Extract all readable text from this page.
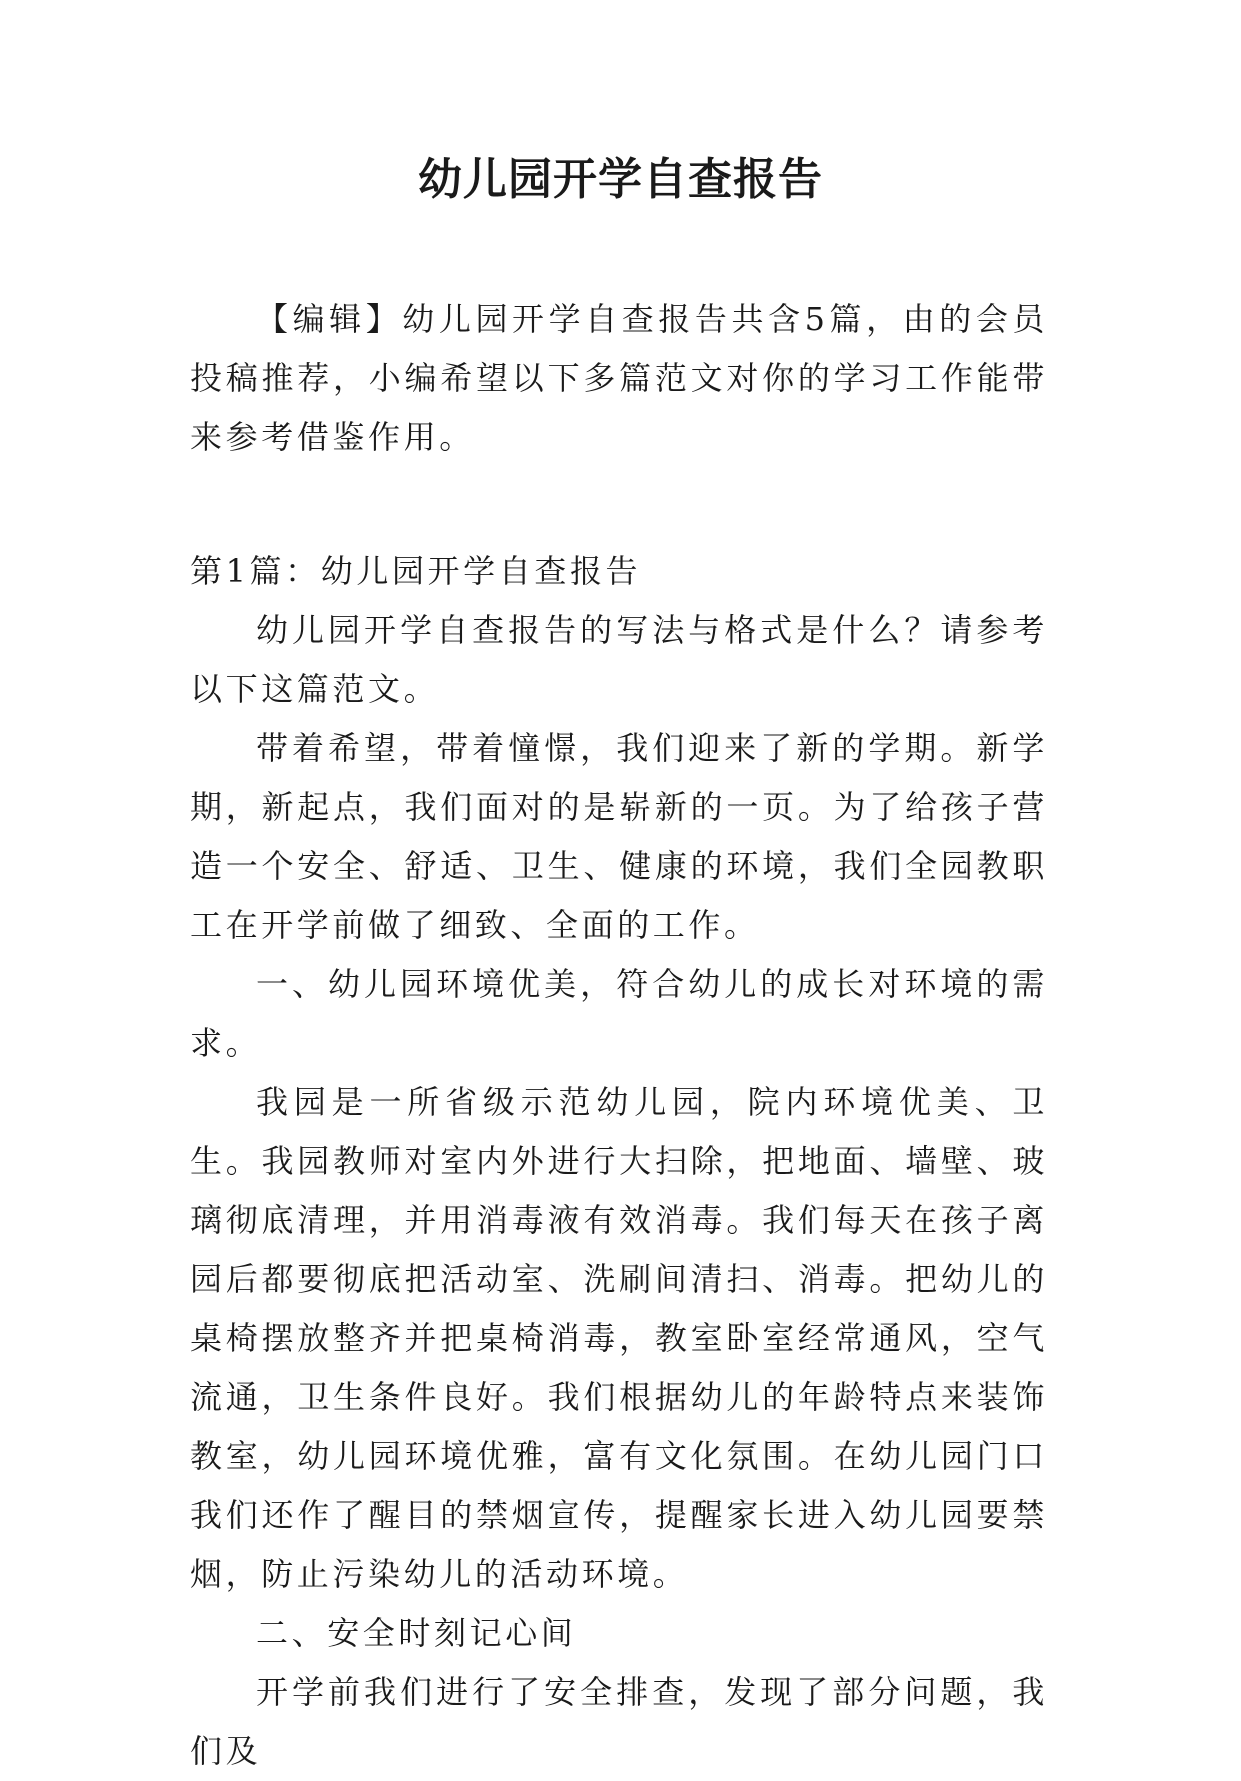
幼儿园开学自查报告

【编辑】幼儿园开学自查报告共含5篇，由的会员投稿推荐，小编希望以下多篇范文对你的学习工作能带来参考借鉴作用。

第1篇：幼儿园开学自查报告

幼儿园开学自查报告的写法与格式是什么？请参考以下这篇范文。

带着希望，带着憧憬，我们迎来了新的学期。新学期，新起点，我们面对的是崭新的一页。为了给孩子营造一个安全、舒适、卫生、健康的环境，我们全园教职工在开学前做了细致、全面的工作。

一、幼儿园环境优美，符合幼儿的成长对环境的需求。

我园是一所省级示范幼儿园，院内环境优美、卫生。我园教师对室内外进行大扫除，把地面、墙壁、玻璃彻底清理，并用消毒液有效消毒。我们每天在孩子离园后都要彻底把活动室、洗刷间清扫、消毒。把幼儿的桌椅摆放整齐并把桌椅消毒，教室卧室经常通风，空气流通，卫生条件良好。我们根据幼儿的年龄特点来装饰教室，幼儿园环境优雅，富有文化氛围。在幼儿园门口我们还作了醒目的禁烟宣传，提醒家长进入幼儿园要禁烟，防止污染幼儿的活动环境。

二、安全时刻记心间

开学前我们进行了安全排查，发现了部分问题，我们及
